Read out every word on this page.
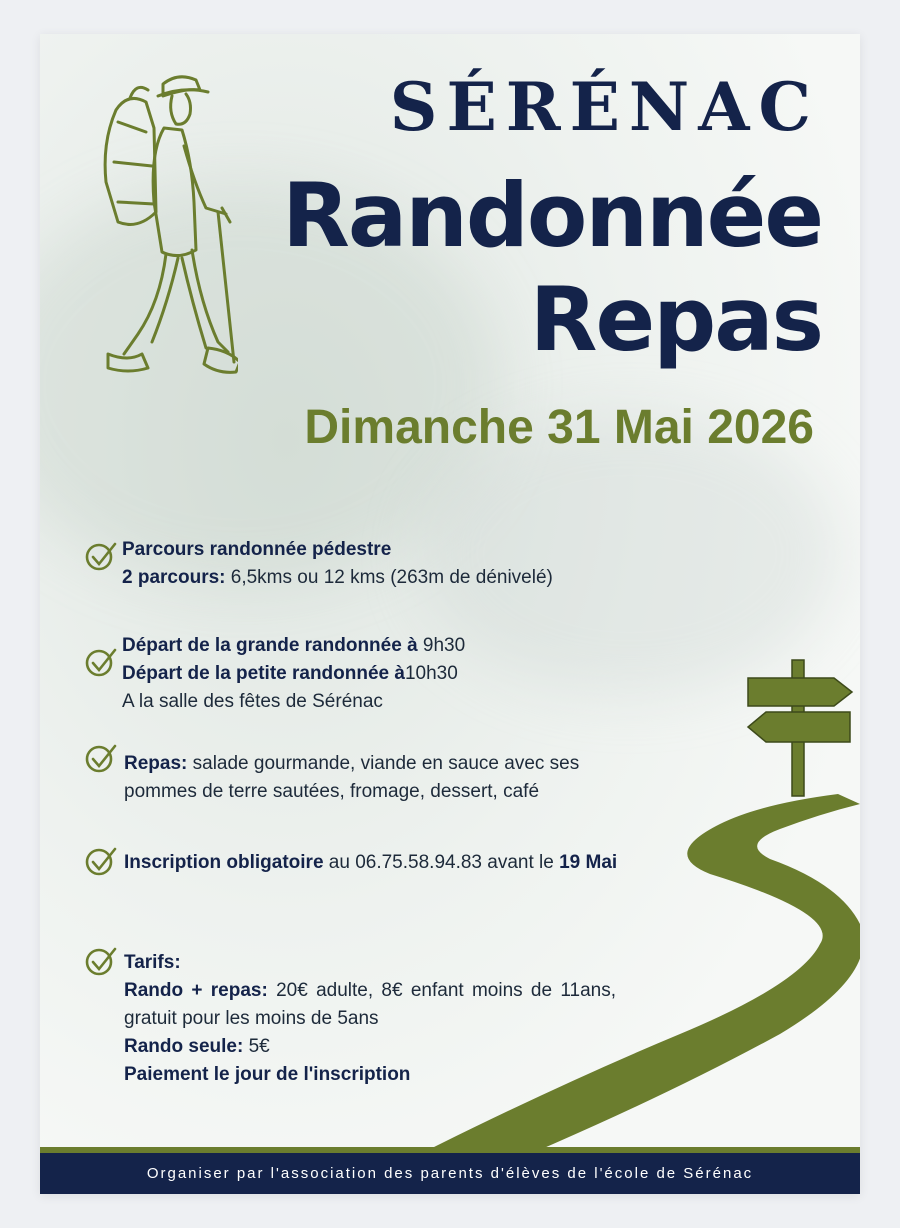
SÉRÉNAC
Randonnée
Repas
Dimanche 31 Mai 2026
Parcours randonnée pédestre
2 parcours: 6,5kms ou 12 kms (263m de dénivelé)
Départ de la grande randonnée à 9h30
Départ de la petite randonnée à10h30
A la salle des fêtes de Sérénac
Repas: salade gourmande, viande en sauce avec ses pommes de terre sautées, fromage, dessert, café
Inscription obligatoire au 06.75.58.94.83 avant le 19 Mai
Tarifs:
Rando + repas: 20€ adulte, 8€ enfant moins de 11ans, gratuit pour les moins de 5ans
Rando seule: 5€
Paiement le jour de l'inscription
Organiser par l'association des parents d'élèves de l'école de Sérénac
